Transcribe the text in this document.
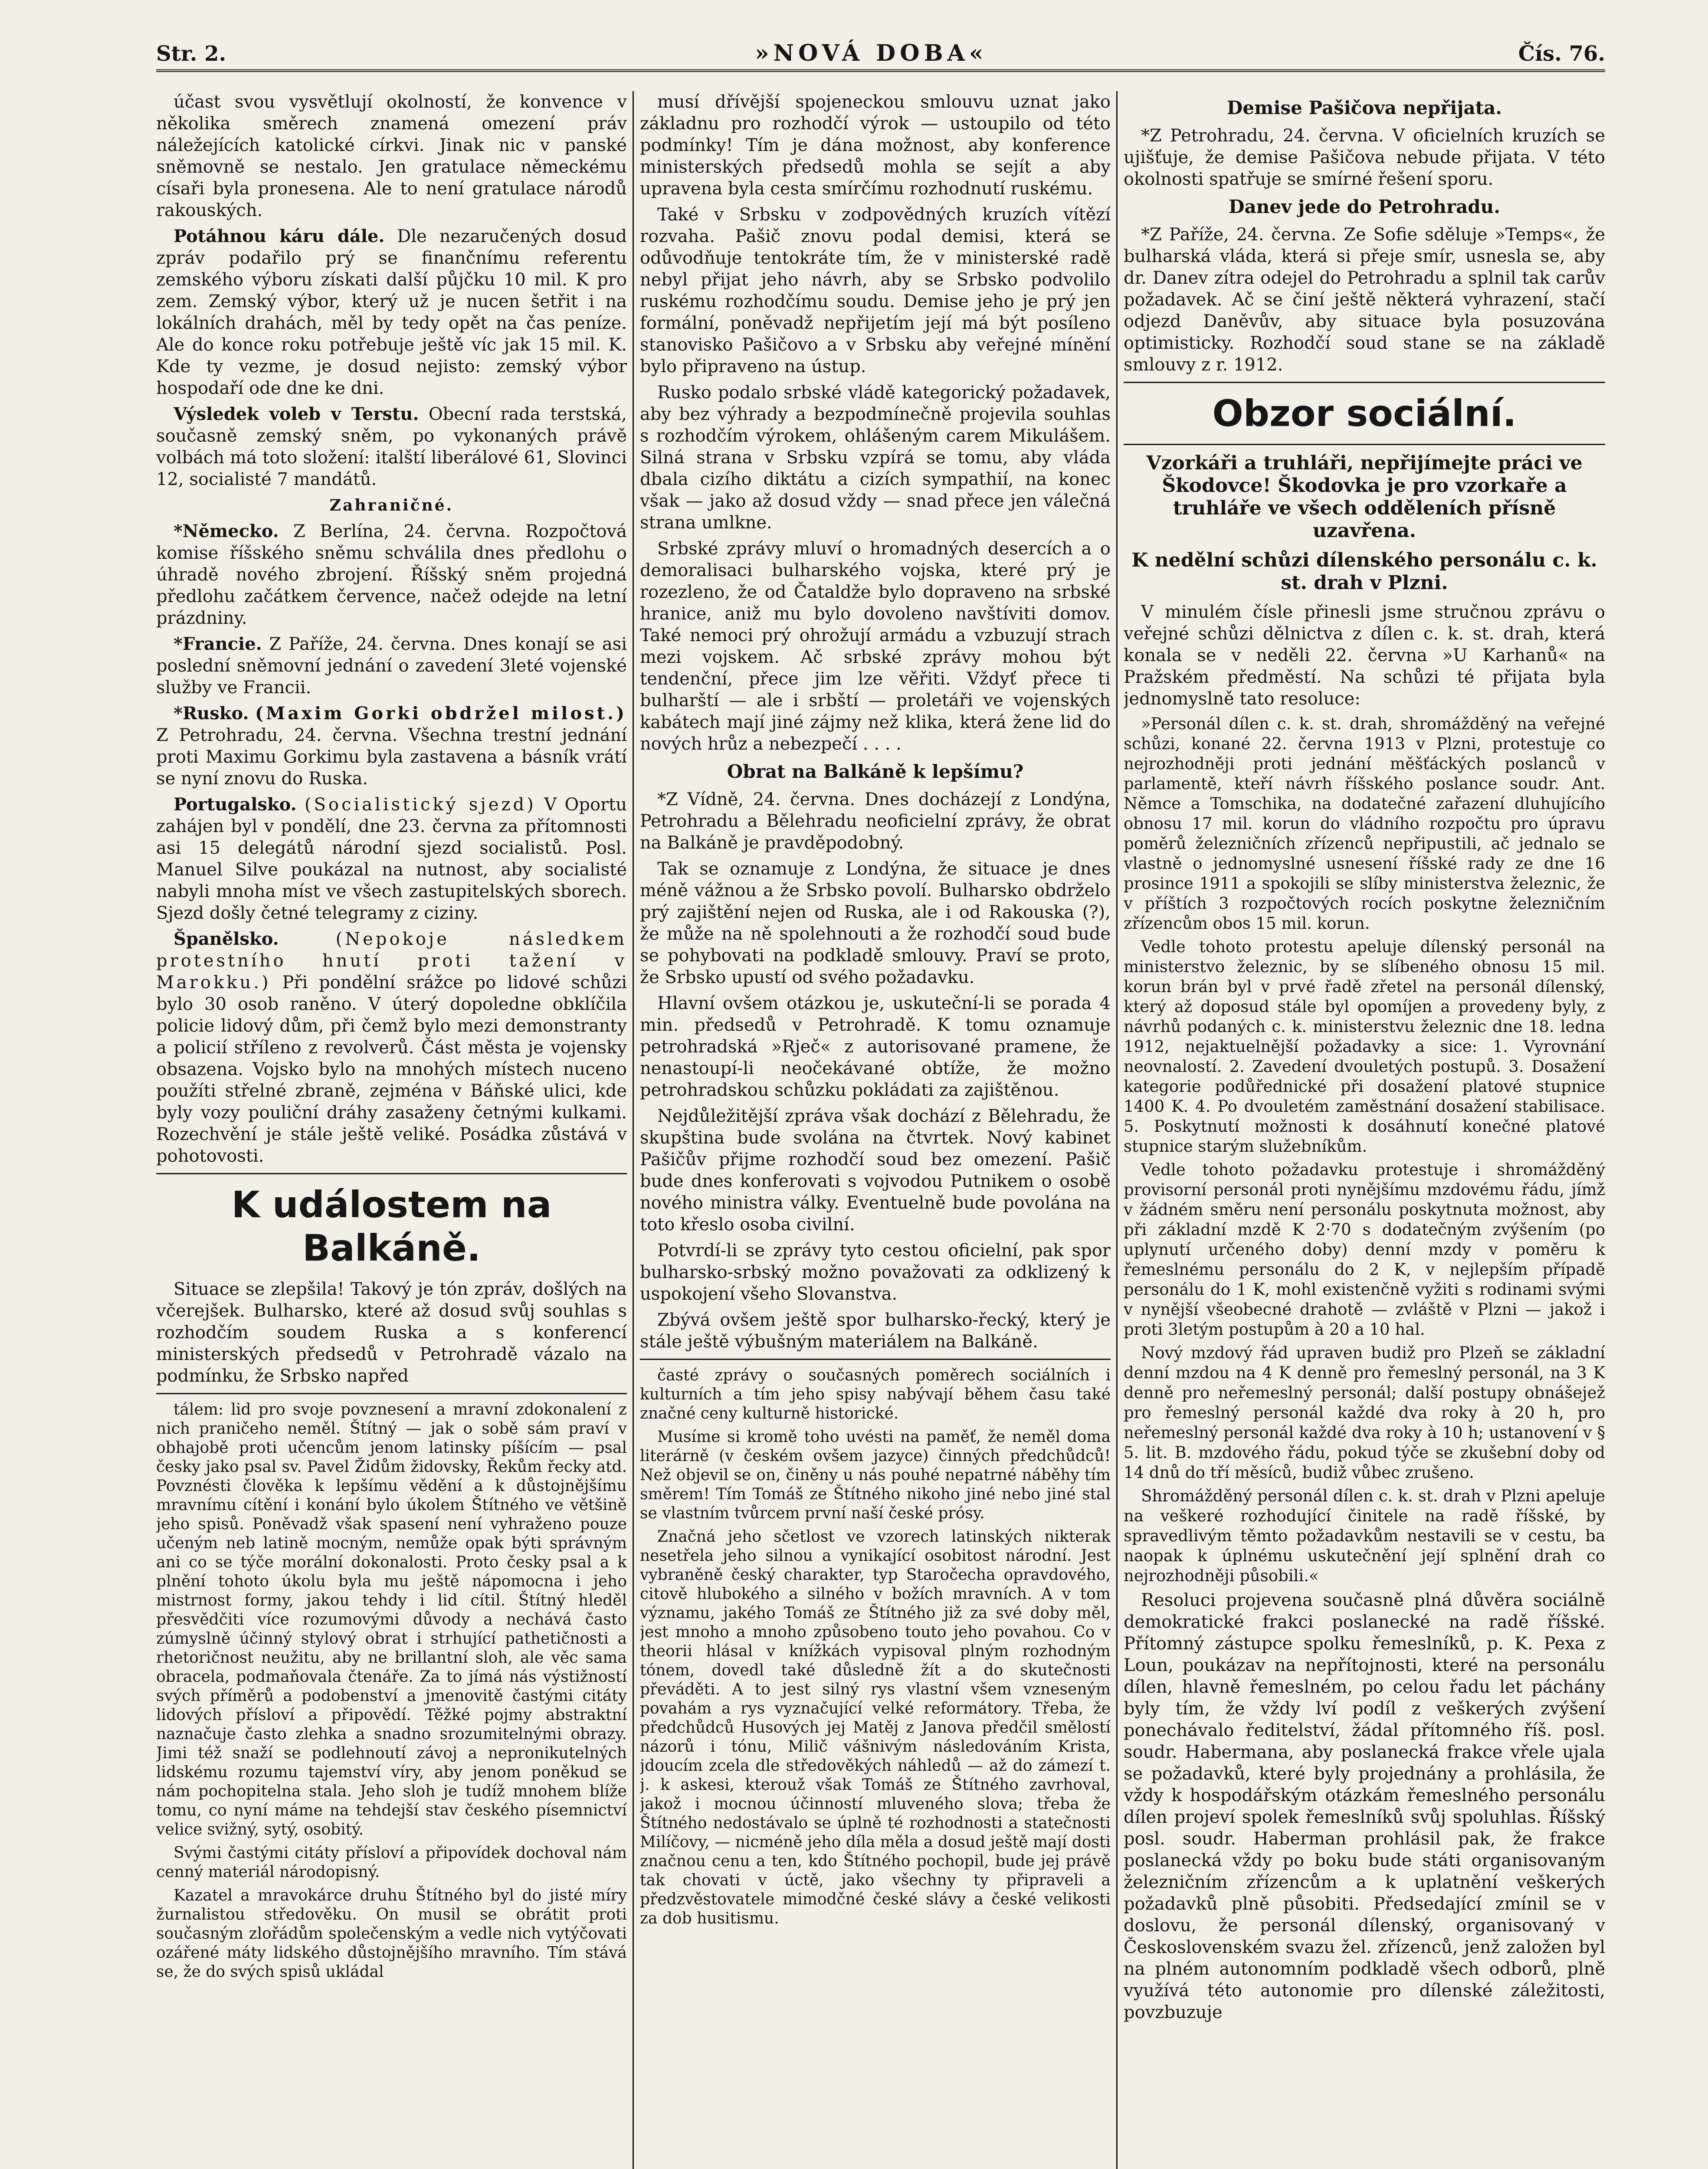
Str. 2.	»NOVÁ DOBA«	Čís. 76.

účast svou vysvětlují okolností, že konvence v několika směrech znamená omezení práv náležejících katolické církvi. Jinak nic v panské sněmovně se nestalo. Jen gratulace německému císaři byla pronesena. Ale to není gratulace národů rakouských.

Potáhnou káru dále. Dle nezaručených dosud zpráv podařilo prý se finančnímu referentu zemského výboru získati další půjčku 10 mil. K pro zem. Zemský výbor, který už je nucen šetřit i na lokálních drahách, měl by tedy opět na čas peníze. Ale do konce roku potřebuje ještě víc jak 15 mil. K. Kde ty vezme, je dosud nejisto: zemský výbor hospodaří ode dne ke dni.

Výsledek voleb v Terstu. Obecní rada terstská, současně zemský sněm, po vykonaných právě volbách má toto složení: italští liberálové 61, Slovinci 12, socialisté 7 mandátů.

Zahraničné.

*Německo. Z Berlína, 24. června. Rozpočtová komise říšského sněmu schválila dnes předlohu o úhradě nového zbrojení. Říšský sněm projedná předlohu začátkem července, načež odejde na letní prázdniny.

*Francie. Z Paříže, 24. června. Dnes konají se asi poslední sněmovní jednání o zavedení 3leté vojenské služby ve Francii.

*Rusko. (Maxim Gorki obdržel milost.) Z Petrohradu, 24. června. Všechna trestní jednání proti Maximu Gorkimu byla zastavena a básník vrátí se nyní znovu do Ruska.

Portugalsko. (Socialistický sjezd) V Oportu zahájen byl v pondělí, dne 23. června za přítomnosti asi 15 delegátů národní sjezd socialistů. Posl. Manuel Silve poukázal na nutnost, aby socialisté nabyli mnoha míst ve všech zastupitelských sborech. Sjezd došly četné telegramy z ciziny.

Španělsko.	(Nepokoje následkem protestního hnutí proti tažení v Marokku.) Při pondělní srážce po lidové schůzi bylo 30 osob raněno. V úterý dopoledne obklíčila policie lidový dům, při čemž bylo mezi demonstranty a policií stříleno z revolverů. Část města je vojensky obsazena. Vojsko bylo na mnohých místech nuceno použíti střelné zbraně, zejména v Báňské ulici, kde byly vozy pouliční dráhy zasaženy četnými kulkami. Rozechvění je stále ještě veliké. Posádka zůstává v pohotovosti.

K událostem na Balkáně.

Situace se zlepšila! Takový je tón zpráv, došlých na včerejšek. Bulharsko, které až dosud svůj souhlas s rozhodčím soudem Ruska a s konferencí ministerských předsedů v Petrohradě vázalo na podmínku, že Srbsko napřed

tálem: lid pro svoje povznesení a mravní zdokonalení z nich praničeho neměl. Štítný — jak o sobě sám praví v obhajobě proti učencům jenom latinsky píšícím — psal česky jako psal sv. Pavel Židům židovsky, Řekům řecky atd. Povznésti člověka k lepšímu vědění a k důstojnějšímu mravnímu cítění i konání bylo úkolem Štítného ve většině jeho spisů. Poněvadž však spasení není vyhraženo pouze učeným neb latině mocným, nemůže opak býti správným ani co se týče morální dokonalosti. Proto česky psal a k plnění tohoto úkolu byla mu ještě nápomocna i jeho mistrnost formy, jakou tehdy i lid cítil. Štítný hleděl přesvědčiti více rozumovými důvody a nechává často zúmyslně účinný stylový obrat i strhující pathetičnosti a rhetoričnost neužitu, aby ne brillantní sloh, ale věc sama obracela, podmaňovala čtenáře. Za to jímá nás výstižností svých příměrů a podobenství a jmenovitě častými citáty lidových přísloví a připovědí. Těžké pojmy abstraktní naznačuje často zlehka a snadno srozumitelnými obrazy. Jimi též snaží se podlehnoutí závoj a nepronikutelných lidskému rozumu tajemství víry, aby jenom poněkud se nám pochopitelna stala. Jeho sloh je tudíž mnohem blíže tomu, co nyní máme na tehdejší stav českého písemnictví velice svižný, sytý, osobitý.

Svými častými citáty přísloví a připovídek dochoval nám cenný materiál národopisný.

Kazatel a mravokárce druhu Štítného byl do jisté míry žurnalistou středověku. On musil se obrátit proti současným zlořádům společenským a vedle nich vytýčovati ozářené máty lidského důstojnějšího mravního. Tím stává se, že do svých spisů ukládal

musí dřívější spojeneckou smlouvu uznat jako základnu pro rozhodčí výrok — ustoupilo od této podmínky! Tím je dána možnost, aby konference ministerských předsedů mohla se sejít a aby upravena byla cesta smírčímu rozhodnutí ruskému.

Také v Srbsku v zodpovědných kruzích vítězí rozvaha. Pašič znovu podal demisi, která se odůvodňuje tentokráte tím, že v ministerské radě nebyl přijat jeho návrh, aby se Srbsko podvolilo ruskému rozhodčímu soudu. Demise jeho je prý jen formální, poněvadž nepřijetím její má být posíleno stanovisko Pašičovo a v Srbsku aby veřejné mínění bylo připraveno na ústup.

Rusko podalo srbské vládě kategorický požadavek, aby bez výhrady a bezpodmínečně projevila souhlas s rozhodčím výrokem, ohlášeným carem Mikulášem. Silná strana v Srbsku vzpírá se tomu, aby vláda dbala cizího diktátu a cizích sympathií, na konec však — jako až dosud vždy — snad přece jen válečná strana umlkne.

Srbské zprávy mluví o hromadných desercích a o demoralisaci bulharského vojska, které prý je rozezleno, že od Čataldže bylo dopraveno na srbské hranice, aniž mu bylo dovoleno navštíviti domov. Také nemoci prý ohrožují armádu a vzbuzují strach mezi vojskem. Ač srbské zprávy mohou být tendenční, přece jim lze věřiti. Vždyť přece ti bulharští — ale i srbští — proletáři ve vojenských kabátech mají jiné zájmy než klika, která žene lid do nových hrůz a nebezpečí . . . .

Obrat na Balkáně k lepšímu?

*Z Vídně, 24. června. Dnes docházejí z Londýna, Petrohradu a Bělehradu neoficielní zprávy, že obrat na Balkáně je pravděpodobný.

Tak se oznamuje z Londýna, že situace je dnes méně vážnou a že Srbsko povolí. Bulharsko obdrželo prý zajištění nejen od Ruska, ale i od Rakouska (?), že může na ně spolehnouti a že rozhodčí soud bude se pohybovati na podkladě smlouvy. Praví se proto, že Srbsko upustí od svého požadavku.

Hlavní ovšem otázkou je, uskuteční-li se porada 4 min. předsedů v Petrohradě. K tomu oznamuje petrohradská »Rječ« z autorisované pramene, že nenastoupí-li neočekávané obtíže, že možno petrohradskou schůzku pokládati za zajištěnou.

Nejdůležitější zpráva však dochází z Bělehradu, že skupština bude svolána na čtvrtek. Nový kabinet Pašičův přijme rozhodčí soud bez omezení. Pašič bude dnes konferovati s vojvodou Putnikem o osobě nového ministra války. Eventuelně bude povolána na toto křeslo osoba civilní.

Potvrdí-li se zprávy tyto cestou oficielní, pak spor bulharsko-srbský možno považovati za odklizený k uspokojení všeho Slovanstva.

Zbývá ovšem ještě spor bulharsko-řecký, který je stále ještě výbušným materiálem na Balkáně.

časté zprávy o současných poměrech sociálních i kulturních a tím jeho spisy nabývají během času také značné ceny kulturně historické.

Musíme si kromě toho uvésti na paměť, že neměl doma literárně (v českém ovšem jazyce) činných předchůdců! Než objevil se on, činěny u nás pouhé nepatrné náběhy tím směrem! Tím Tomáš ze Štítného nikoho jiné nebo jiné stal se vlastním tvůrcem první naší české prósy.

Značná jeho sčetlost ve vzorech latinských nikterak nesetřela jeho silnou a vynikající osobitost národní. Jest vybraněně český charakter, typ Staročecha opravdového, citově hlubokého a silného v božích mravních. A v tom významu, jakého Tomáš ze Štítného již za své doby měl, jest mnoho a mnoho způsobeno touto jeho povahou. Co v theorii hlásal v knížkách vypisoval plným rozhodným tónem, dovedl také důsledně žít a do skutečnosti převáděti. A to jest silný rys vlastní všem vzneseným povahám a rys vyznačující velké reformátory. Třeba, že předchůdců Husových jej Matěj z Janova předčil smělostí názorů i tónu, Milič vášnivým následováním Krista, jdoucím zcela dle středověkých náhledů — až do zámezí t. j. k askesi, kterouž však Tomáš ze Štítného zavrhoval, jakož i mocnou účinností mluveného slova; třeba že Štítného nedostávalo se úplně té rozhodnosti a statečnosti Milíčovy, — nicméně jeho díla měla a dosud ještě mají dosti značnou cenu a ten, kdo Štítného pochopil, bude jej právě tak chovati v úctě, jako všechny ty připraveli a předzvěstovatele mimodčné české slávy a české velikosti za dob husitismu.

Demise Pašičova nepřijata.

*Z Petrohradu, 24. června. V oficielních kruzích se ujišťuje, že demise Pašičova nebude přijata. V této okolnosti spatřuje se smírné řešení sporu.

Danev jede do Petrohradu.

*Z Paříže, 24. června. Ze Sofie sděluje »Temps«, že bulharská vláda, která si přeje smír, usnesla se, aby dr. Danev zítra odejel do Petrohradu a splnil tak carův požadavek. Ač se činí ještě některá vyhrazení, stačí odjezd Daněvův, aby situace byla posuzována optimisticky. Rozhodčí soud stane se na základě smlouvy z r. 1912.

Obzor sociální.
Vzorkáři a truhláři, nepřijímejte práci ve Škodovce! Škodovka je pro vzorkaře a truhláře ve všech odděleních přísně uzavřena.
K nedělní schůzi dílenského personálu c. k. st. drah v Plzni.

V minulém čísle přinesli jsme stručnou zprávu o veřejné schůzi dělnictva z dílen c. k. st. drah, která konala se v neděli 22. června »U Karhanů« na Pražském předměstí. Na schůzi té přijata byla jednomyslně tato resoluce:

»Personál dílen c. k. st. drah, shromážděný na veřejné schůzi, konané 22. června 1913 v Plzni, protestuje co nejrozhodněji proti jednání měšťáckých poslanců v parlamentě, kteří návrh říšského poslance soudr. Ant. Němce a Tomschika, na dodatečné zařazení dluhujícího obnosu 17 mil. korun do vládního rozpočtu pro úpravu poměrů železničních zřízenců nepřipustili, ač jednalo se vlastně o jednomyslné usnesení říšské rady ze dne 16 prosince 1911 a spokojili se slíby ministerstva železnic, že v příštích 3 rozpočtových rocích poskytne železničním zřízencům obos 15 mil. korun.

Vedle tohoto protestu apeluje dílenský personál na ministerstvo železnic, by se slíbeného obnosu 15 mil. korun brán byl v prvé řadě zřetel na personál dílenský, který až doposud stále byl opomíjen a provedeny byly, z návrhů podaných c. k. ministerstvu železnic dne 18. ledna 1912, nejaktuelnější požadavky a sice: 1. Vyrovnání neovnalostí. 2. Zavedení dvouletých postupů. 3. Dosažení kategorie podůřednické při dosažení platové stupnice 1400 K. 4. Po dvouletém zaměstnání dosažení stabilisace. 5. Poskytnutí možnosti k dosáhnutí konečné platové stupnice starým služebníkům.

Vedle tohoto požadavku protestuje i shromážděný provisorní personál proti nynějšímu mzdovému řádu, jímž v žádném směru není personálu poskytnuta možnost, aby při základní mzdě K 2·70 s dodatečným zvýšením (po uplynutí určeného doby) denní mzdy v poměru k řemeslnému personálu do 2 K, v nejlepším případě personálu do 1 K, mohl existenčně vyžiti s rodinami svými v nynější všeobecné drahotě — zvláště v Plzni — jakož i proti 3letým postupům à 20 a 10 hal.

Nový mzdový řád upraven budiž pro Plzeň se základní denní mzdou na 4 K denně pro řemeslný personál, na 3 K denně pro neřemeslný personál; další postupy obnášejež pro řemeslný personál každé dva roky à 20 h, pro neřemeslný personál každé dva roky à 10 h; ustanovení v § 5. lit. B. mzdového řádu, pokud týče se zkušební doby od 14 dnů do tří měsíců, budiž vůbec zrušeno.

Shromážděný personál dílen c. k. st. drah v Plzni apeluje na veškeré rozhodující činitele na radě říšské, by spravedlivým těmto požadavkům nestavili se v cestu, ba naopak k úplnému uskutečnění její splnění drah co nejrozhodněji působili.«

Resoluci projevena současně plná důvěra sociálně demokratické frakci poslanecké na radě říšské. Přítomný zástupce spolku řemeslníků, p. K. Pexa z Loun, poukázav na nepřítojnosti, které na personálu dílen, hlavně řemeslném, po celou řadu let páchány byly tím, že vždy lví podíl z veškerých zvýšení ponechávalo ředitelství, žádal přítomného říš. posl. soudr. Habermana, aby poslanecká frakce vřele ujala se požadavků, které byly projednány a prohlásila, že vždy k hospodářským otázkám řemeslného personálu dílen projeví spolek řemeslníků svůj spoluhlas. Říšský posl. soudr. Haberman prohlásil pak, že frakce poslanecká vždy po boku bude státi organisovaným železničním zřízencům a k uplatnění veškerých požadavků plně působiti. Předsedající zmínil se v doslovu, že personál dílenský, organisovaný v Československém svazu žel. zřízenců, jenž založen byl na plném autonomním podkladě všech odborů, plně využívá této autonomie pro dílenské záležitosti, povzbuzuje
